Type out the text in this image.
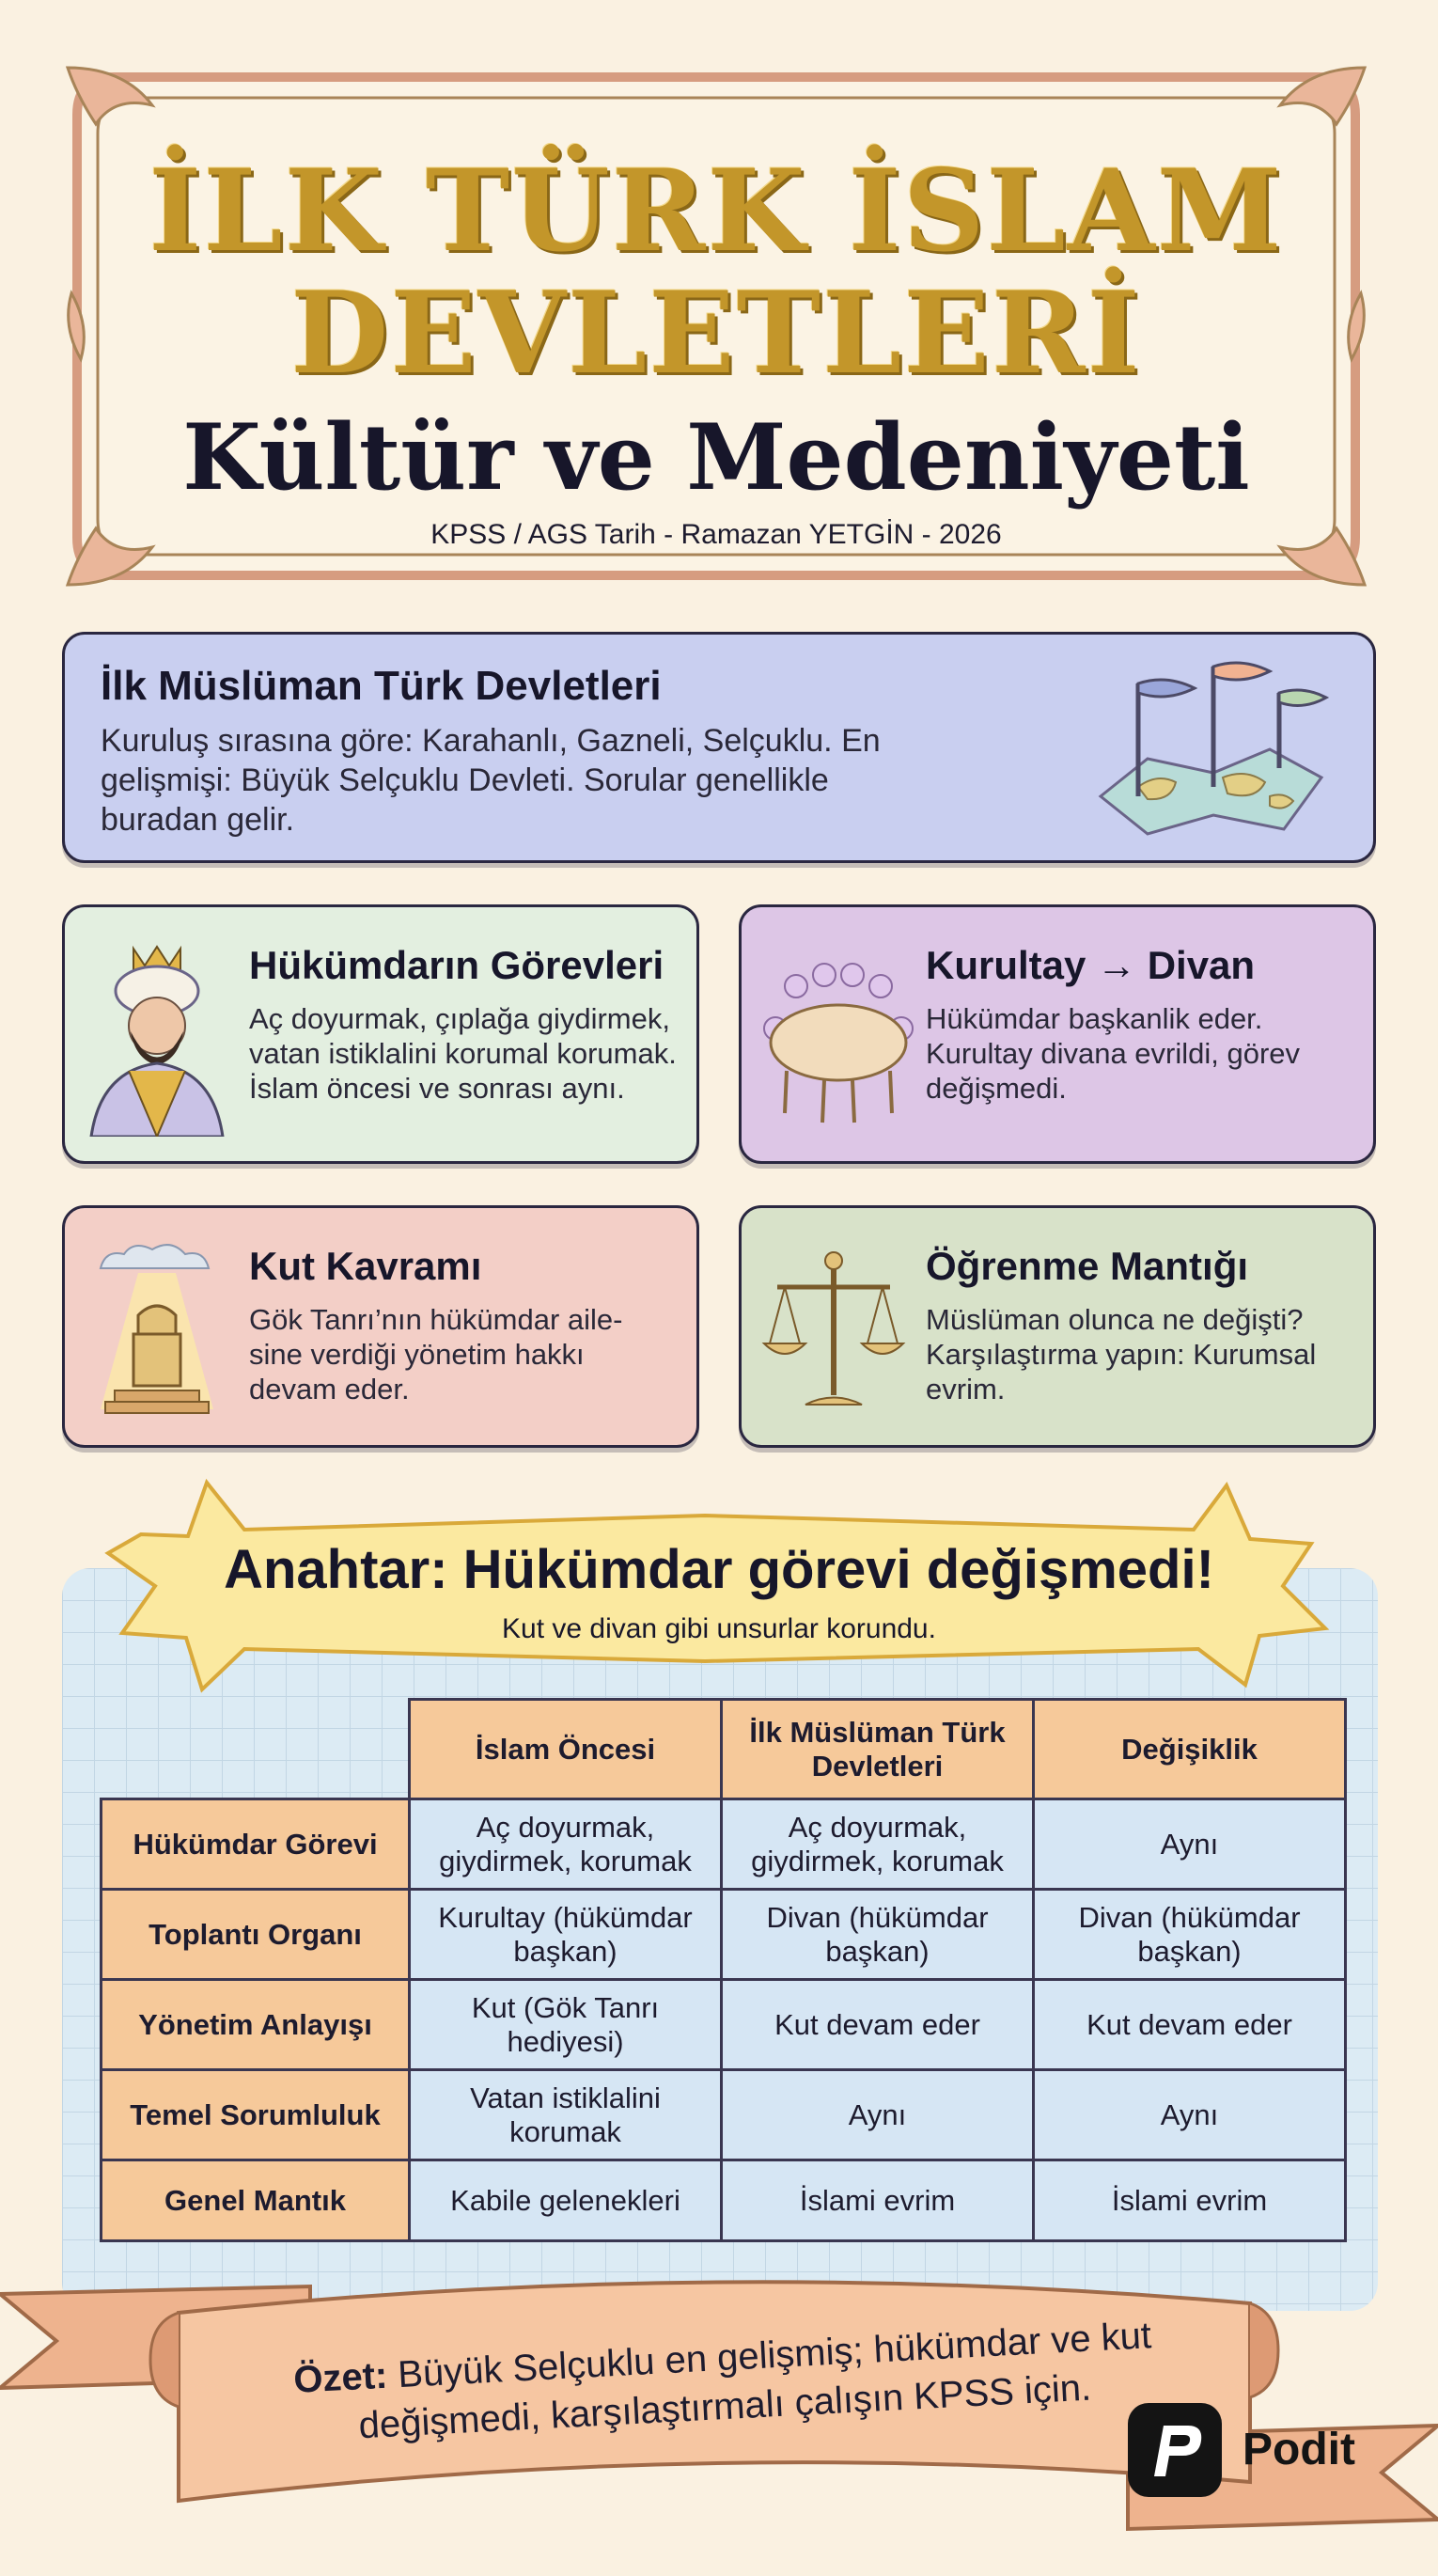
İLK TÜRK İSLAM
DEVLETLERİ
Kültür ve Medeniyeti
KPSS / AGS Tarih - Ramazan YETGİN - 2026
İlk Müslüman Türk Devletleri

Kuruluş sırasına göre: Karahanlı, Gazneli, Selçuklu. En gelişmişi: Büyük Selçuklu Devleti. Sorular genellikle buradan gelir.

Hükümdarın Görevleri

Aç doyurmak, çıplağa giydirmek, vatan istiklalini korumal korumak. İslam öncesi ve sonrası aynı.

Kurultay → Divan

Hükümdar başkanlik eder. Kurultay divana evrildi, görev değişmedi.

Kut Kavramı

Gök Tanrı’nın hükümdar aile-
sine verdiği yönetim hakkı
devam eder.

Öğrenme Mantığı

Müslüman olunca ne değişti? Karşılaştırma yapın: Kurumsal evrim.

Anahtar: Hükümdar görevi değişmedi!
Kut ve divan gibi unsurlar korundu.
	İslam Öncesi	İlk Müslüman Türk Devletleri	Değişiklik
Hükümdar Görevi	Aç doyurmak, giydirmek, korumak	Aç doyurmak, giydirmek, korumak	Aynı
Toplantı Organı	Kurultay (hükümdar başkan)	Divan (hükümdar başkan)	Divan (hükümdar başkan)
Yönetim Anlayışı	Kut (Gök Tanrı hediyesi)	Kut devam eder	Kut devam eder
Temel Sorumluluk	Vatan istiklalini korumak	Aynı	Aynı
Genel Mantık	Kabile gelenekleri	İslami evrim	İslami evrim
Özet: Büyük Selçuklu en gelişmiş; hükümdar ve kut değişmedi, karşılaştırmalı çalışın KPSS için.
Podit
